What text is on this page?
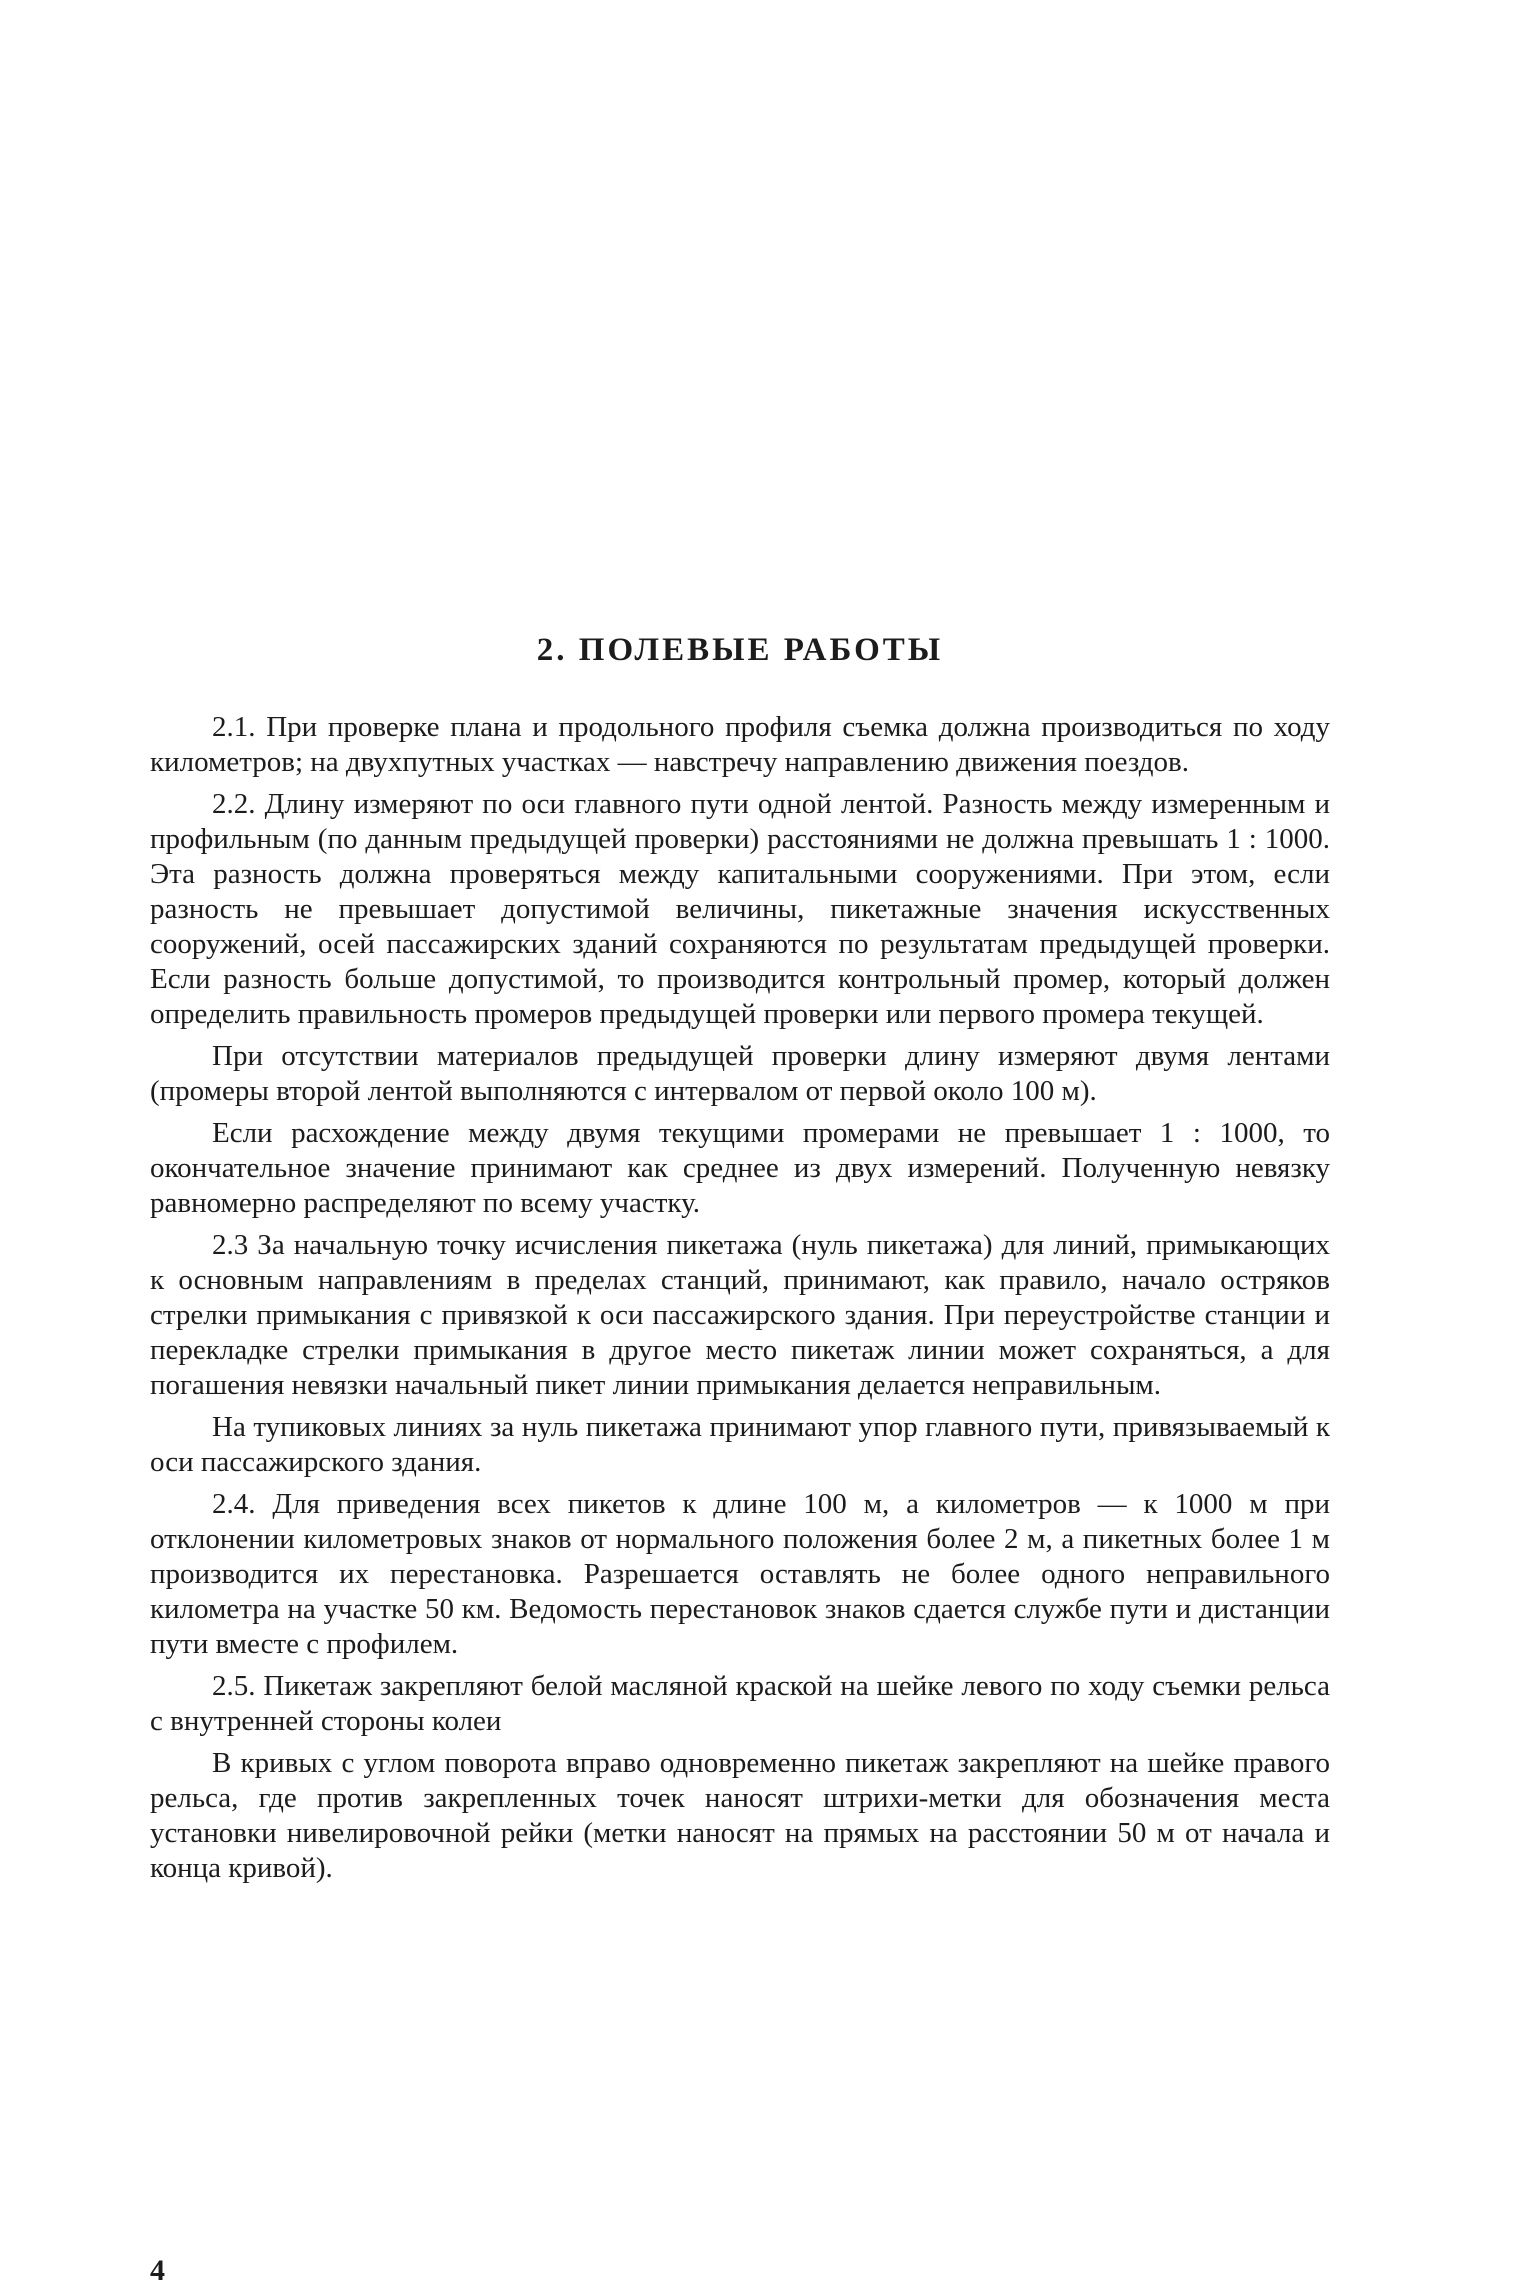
2. ПОЛЕВЫЕ РАБОТЫ

2.1. При проверке плана и продольного профиля съемка должна производиться по ходу километров; на двухпутных участках — навстречу направлению движения поездов.

2.2. Длину измеряют по оси главного пути одной лентой. Разность между измеренным и профильным (по данным предыдущей проверки) расстояниями не должна превышать 1 : 1000. Эта разность должна проверяться между капитальными сооружениями. При этом, если разность не превышает допустимой величины, пикетажные значения искусственных сооружений, осей пассажирских зданий сохраняются по результатам предыдущей проверки. Если разность больше допустимой, то производится контрольный промер, который должен определить правильность промеров предыдущей проверки или первого промера текущей.

При отсутствии материалов предыдущей проверки длину измеряют двумя лентами (промеры второй лентой выполняются с интервалом от первой около 100 м).

Если расхождение между двумя текущими промерами не превышает 1 : 1000, то окончательное значение принимают как среднее из двух измерений. Полученную невязку равномерно распределяют по всему участку.

2.3 За начальную точку исчисления пикетажа (нуль пикетажа) для линий, примыкающих к основным направлениям в пределах станций, принимают, как правило, начало остряков стрелки примыкания с привязкой к оси пассажирского здания. При переустройстве станции и перекладке стрелки примыкания в другое место пикетаж линии может сохраняться, а для погашения невязки начальный пикет линии примыкания делается неправильным.

На тупиковых линиях за нуль пикетажа принимают упор главного пути, привязываемый к оси пассажирского здания.

2.4. Для приведения всех пикетов к длине 100 м, а километров — к 1000 м при отклонении километровых знаков от нормального положения более 2 м, а пикетных более 1 м производится их перестановка. Разрешается оставлять не более одного неправильного километра на участке 50 км. Ведомость перестановок знаков сдается службе пути и дистанции пути вместе с профилем.

2.5. Пикетаж закрепляют белой масляной краской на шейке левого по ходу съемки рельса с внутренней стороны колеи

В кривых с углом поворота вправо одновременно пикетаж закрепляют на шейке правого рельса, где против закрепленных точек наносят штрихи-метки для обозначения места установки нивелировочной рейки (метки наносят на прямых на расстоянии 50 м от начала и конца кривой).

4
